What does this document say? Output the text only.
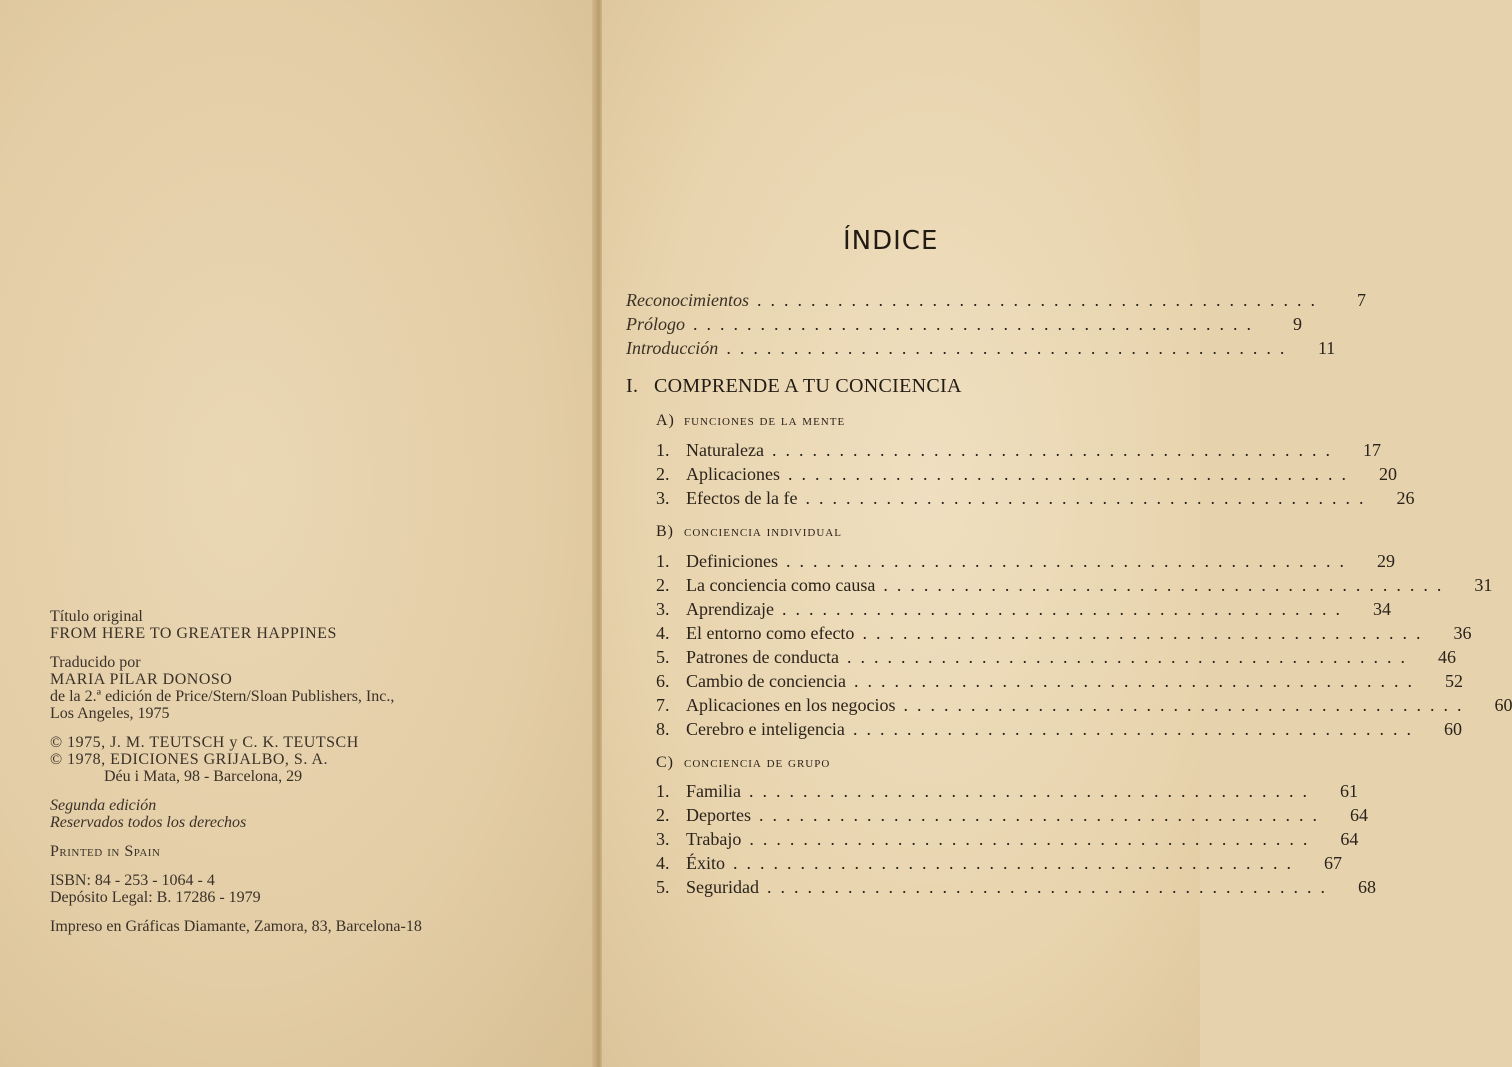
Título original
FROM HERE TO GREATER HAPPINES
Traducido por
MARIA PILAR DONOSO
de la 2.ª edición de Price/Stern/Sloan Publishers, Inc.,
Los Angeles, 1975
© 1975, J. M. TEUTSCH y C. K. TEUTSCH
© 1978, EDICIONES GRIJALBO, S. A.
Déu i Mata, 98 - Barcelona, 29
Segunda edición
Reservados todos los derechos
Printed in Spain
ISBN: 84 - 253 - 1064 - 4
Depósito Legal: B. 17286 - 1979
Impreso en Gráficas Diamante, Zamora, 83, Barcelona-18
ÍNDICE
Reconocimientos ..........................................	7
Prólogo ..........................................	9
Introducción ..........................................	11
I. COMPRENDE A TU CONCIENCIA
A) funciones de la mente
1. Naturaleza ..........................................	17
2. Aplicaciones ..........................................	20
3. Efectos de la fe ..........................................	26
B) conciencia individual
1. Definiciones ..........................................	29
2. La conciencia como causa ..........................................	31
3. Aprendizaje ..........................................	34
4. El entorno como efecto ..........................................	36
5. Patrones de conducta ..........................................	46
6. Cambio de conciencia ..........................................	52
7. Aplicaciones en los negocios ..........................................	60
8. Cerebro e inteligencia ..........................................	60
C) conciencia de grupo
1. Familia ..........................................	61
2. Deportes ..........................................	64
3. Trabajo ..........................................	64
4. Éxito ..........................................	67
5. Seguridad ..........................................	68
